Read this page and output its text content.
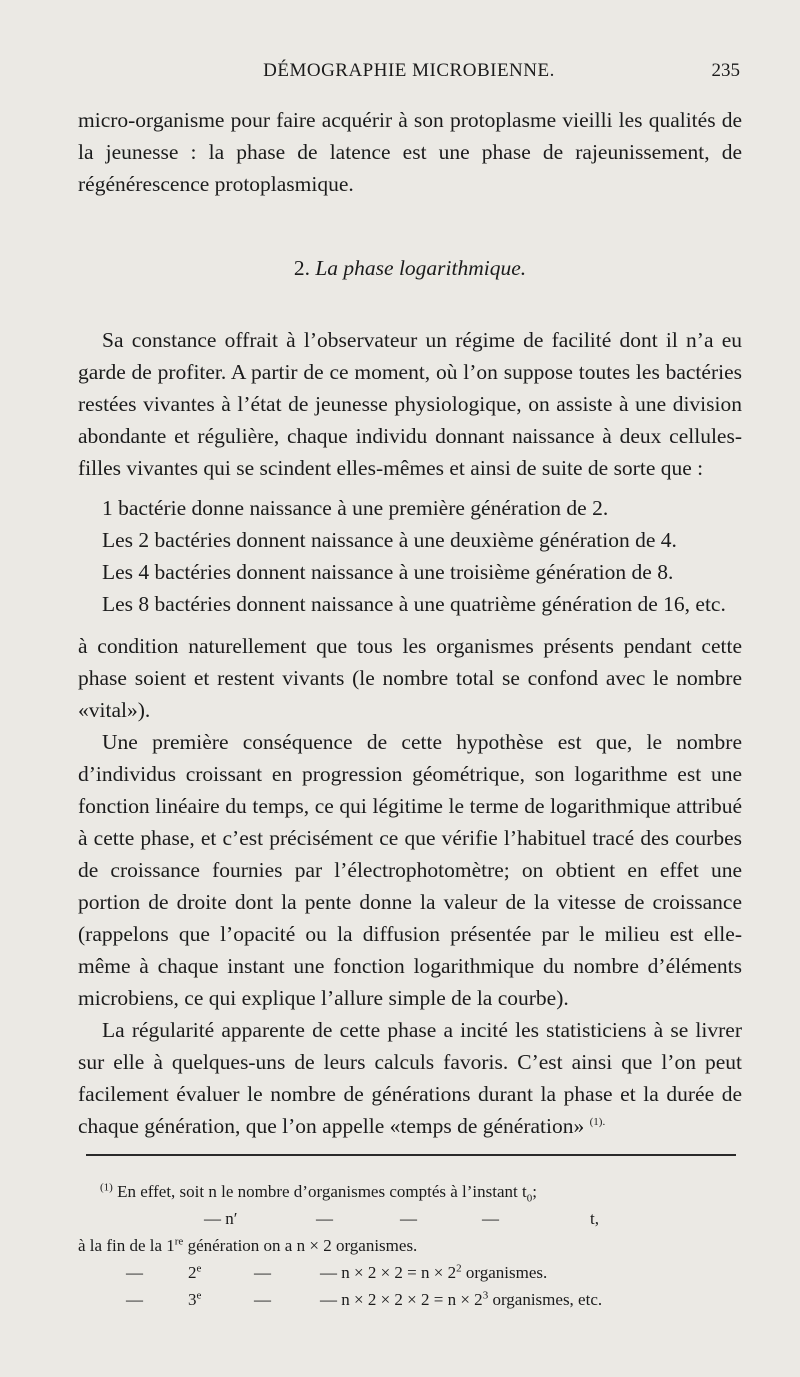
DÉMOGRAPHIE MICROBIENNE.	235

micro-organisme pour faire acquérir à son protoplasme vieilli les qualités de la jeunesse : la phase de latence est une phase de rajeunissement, de régénérescence protoplasmique.

2. La phase logarithmique.

Sa constance offrait à l’observateur un régime de facilité dont il n’a eu garde de profiter. A partir de ce moment, où l’on suppose toutes les bactéries restées vivantes à l’état de jeunesse physiologique, on assiste à une division abondante et régulière, chaque individu donnant naissance à deux cellules-filles vivantes qui se scindent elles-mêmes et ainsi de suite de sorte que :

1 bactérie donne naissance à une première génération de 2.
Les 2 bactéries donnent naissance à une deuxième génération de 4.
Les 4 bactéries donnent naissance à une troisième génération de 8.
Les 8 bactéries donnent naissance à une quatrième génération de 16, etc.

à condition naturellement que tous les organismes présents pendant cette phase soient et restent vivants (le nombre total se confond avec le nombre «vital»).

Une première conséquence de cette hypothèse est que, le nombre d’individus croissant en progression géométrique, son logarithme est une fonction linéaire du temps, ce qui légitime le terme de logarithmique attribué à cette phase, et c’est précisément ce que vérifie l’habituel tracé des courbes de croissance fournies par l’électrophotomètre; on obtient en effet une portion de droite dont la pente donne la valeur de la vitesse de croissance (rappelons que l’opacité ou la diffusion présentée par le milieu est elle-même à chaque instant une fonction logarithmique du nombre d’éléments microbiens, ce qui explique l’allure simple de la courbe).

La régularité apparente de cette phase a incité les statisticiens à se livrer sur elle à quelques-uns de leurs calculs favoris. C’est ainsi que l’on peut facilement évaluer le nombre de générations durant la phase et la durée de chaque génération, que l’on appelle «temps de génération» $^{(1).}$

$^{(1)}$ En effet, soit n le nombre d’organismes comptés à l’instant $t_0$;
— n′	—	—	—	t,
à la fin de la 1re génération on a n × 2 organismes.
—	2e	—	— $n \times 2 \times 2 = n \times 2^2$ organismes.
—	3e	—	— $n \times 2 \times 2 \times 2 = n \times 2^3$ organismes, etc.
